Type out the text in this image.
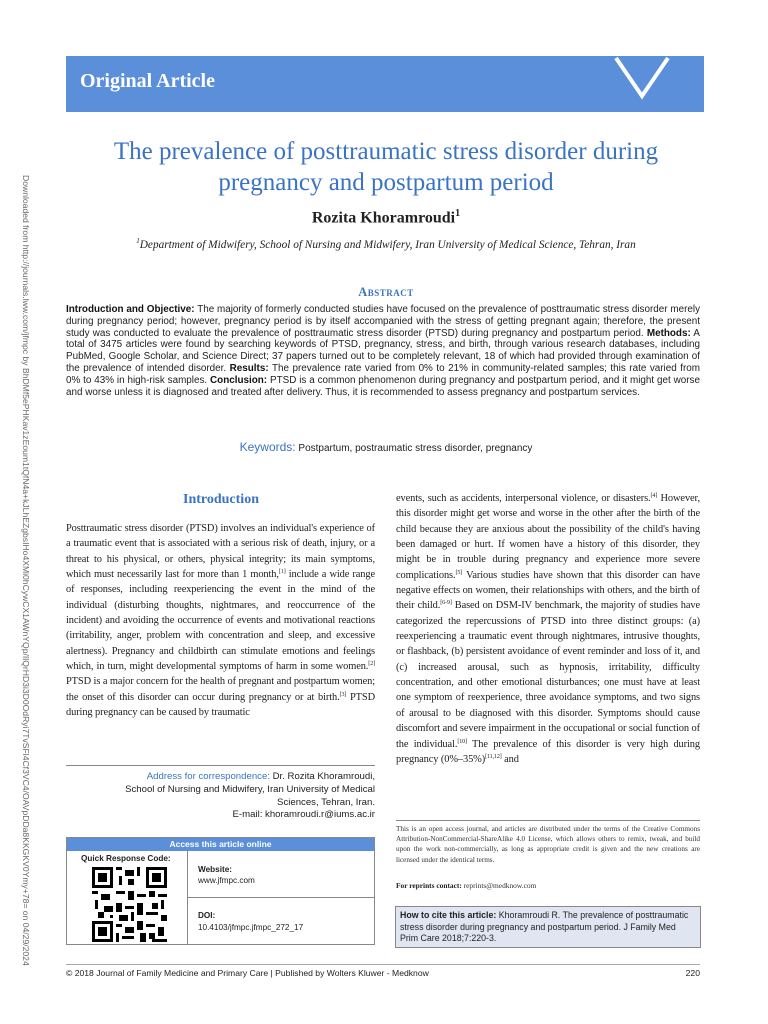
Original Article
Downloaded from http://journals.lww.com/jfmpc by BhDMf5ePHKav1zEoum1tQfN4a+kJLhEZgbsIHo4XMi0hCywCX1AWnYQp/IlQrHD3i3D0OdRyi7TvSFl4Cf3VC4/OAVpDDa8KKGKV0Ymy+78= on 04/29/2024
The prevalence of posttraumatic stress disorder during pregnancy and postpartum period
Rozita Khoramroudi$^1$
$^1$Department of Midwifery, School of Nursing and Midwifery, Iran University of Medical Science, Tehran, Iran
Abstract
Introduction and Objective: The majority of formerly conducted studies have focused on the prevalence of posttraumatic stress disorder merely during pregnancy period; however, pregnancy period is by itself accompanied with the stress of getting pregnant again; therefore, the present study was conducted to evaluate the prevalence of posttraumatic stress disorder (PTSD) during pregnancy and postpartum period. Methods: A total of 3475 articles were found by searching keywords of PTSD, pregnancy, stress, and birth, through various research databases, including PubMed, Google Scholar, and Science Direct; 37 papers turned out to be completely relevant, 18 of which had provided through examination of the prevalence of intended disorder. Results: The prevalence rate varied from 0% to 21% in community-related samples; this rate varied from 0% to 43% in high-risk samples. Conclusion: PTSD is a common phenomenon during pregnancy and postpartum period, and it might get worse and worse unless it is diagnosed and treated after delivery. Thus, it is recommended to assess pregnancy and postpartum services.
Keywords: Postpartum, postraumatic stress disorder, pregnancy
Introduction
Posttraumatic stress disorder (PTSD) involves an individual's experience of a traumatic event that is associated with a serious risk of death, injury, or a threat to his physical, or others, physical integrity; its main symptoms, which must necessarily last for more than 1 month,[1] include a wide range of responses, including reexperiencing the event in the mind of the individual (disturbing thoughts, nightmares, and reoccurrence of the incident) and avoiding the occurrence of events and motivational reactions (irritability, anger, problem with concentration and sleep, and excessive alertness). Pregnancy and childbirth can stimulate emotions and feelings which, in turn, might developmental symptoms of harm in some women.[2] PTSD is a major concern for the health of pregnant and postpartum women; the onset of this disorder can occur during pregnancy or at birth.[3] PTSD during pregnancy can be caused by traumatic
events, such as accidents, interpersonal violence, or disasters.[4] However, this disorder might get worse and worse in the other after the birth of the child because they are anxious about the possibility of the child's having been damaged or hurt. If women have a history of this disorder, they might be in trouble during pregnancy and experience more severe complications.[5] Various studies have shown that this disorder can have negative effects on women, their relationships with others, and the birth of their child.[6-9] Based on DSM-IV benchmark, the majority of studies have categorized the repercussions of PTSD into three distinct groups: (a) reexperiencing a traumatic event through nightmares, intrusive thoughts, or flashback, (b) persistent avoidance of event reminder and loss of it, and (c) increased arousal, such as hypnosis, irritability, difficulty concentration, and other emotional disturbances; one must have at least one symptom of reexperience, three avoidance symptoms, and two signs of arousal to be diagnosed with this disorder. Symptoms should cause discomfort and severe impairment in the occupational or social function of the individual.[10] The prevalence of this disorder is very high during pregnancy (0%–35%)[11,12] and
Address for correspondence: Dr. Rozita Khoramroudi,
School of Nursing and Midwifery, Iran University of Medical
Sciences, Tehran, Iran.
E-mail: khoramroudi.r@iums.ac.ir
Access this article online
Quick Response Code:
Website:
www.jfmpc.com
DOI:
10.4103/jfmpc.jfmpc_272_17
This is an open access journal, and articles are distributed under the terms of the Creative Commons Attribution-NonCommercial-ShareAlike 4.0 License, which allows others to remix, tweak, and build upon the work non-commercially, as long as appropriate credit is given and the new creations are licensed under the identical terms.
For reprints contact: reprints@medknow.com
How to cite this article: Khoramroudi R. The prevalence of posttraumatic stress disorder during pregnancy and postpartum period. J Family Med Prim Care 2018;7:220-3.
© 2018 Journal of Family Medicine and Primary Care | Published by Wolters Kluwer - Medknow	220
